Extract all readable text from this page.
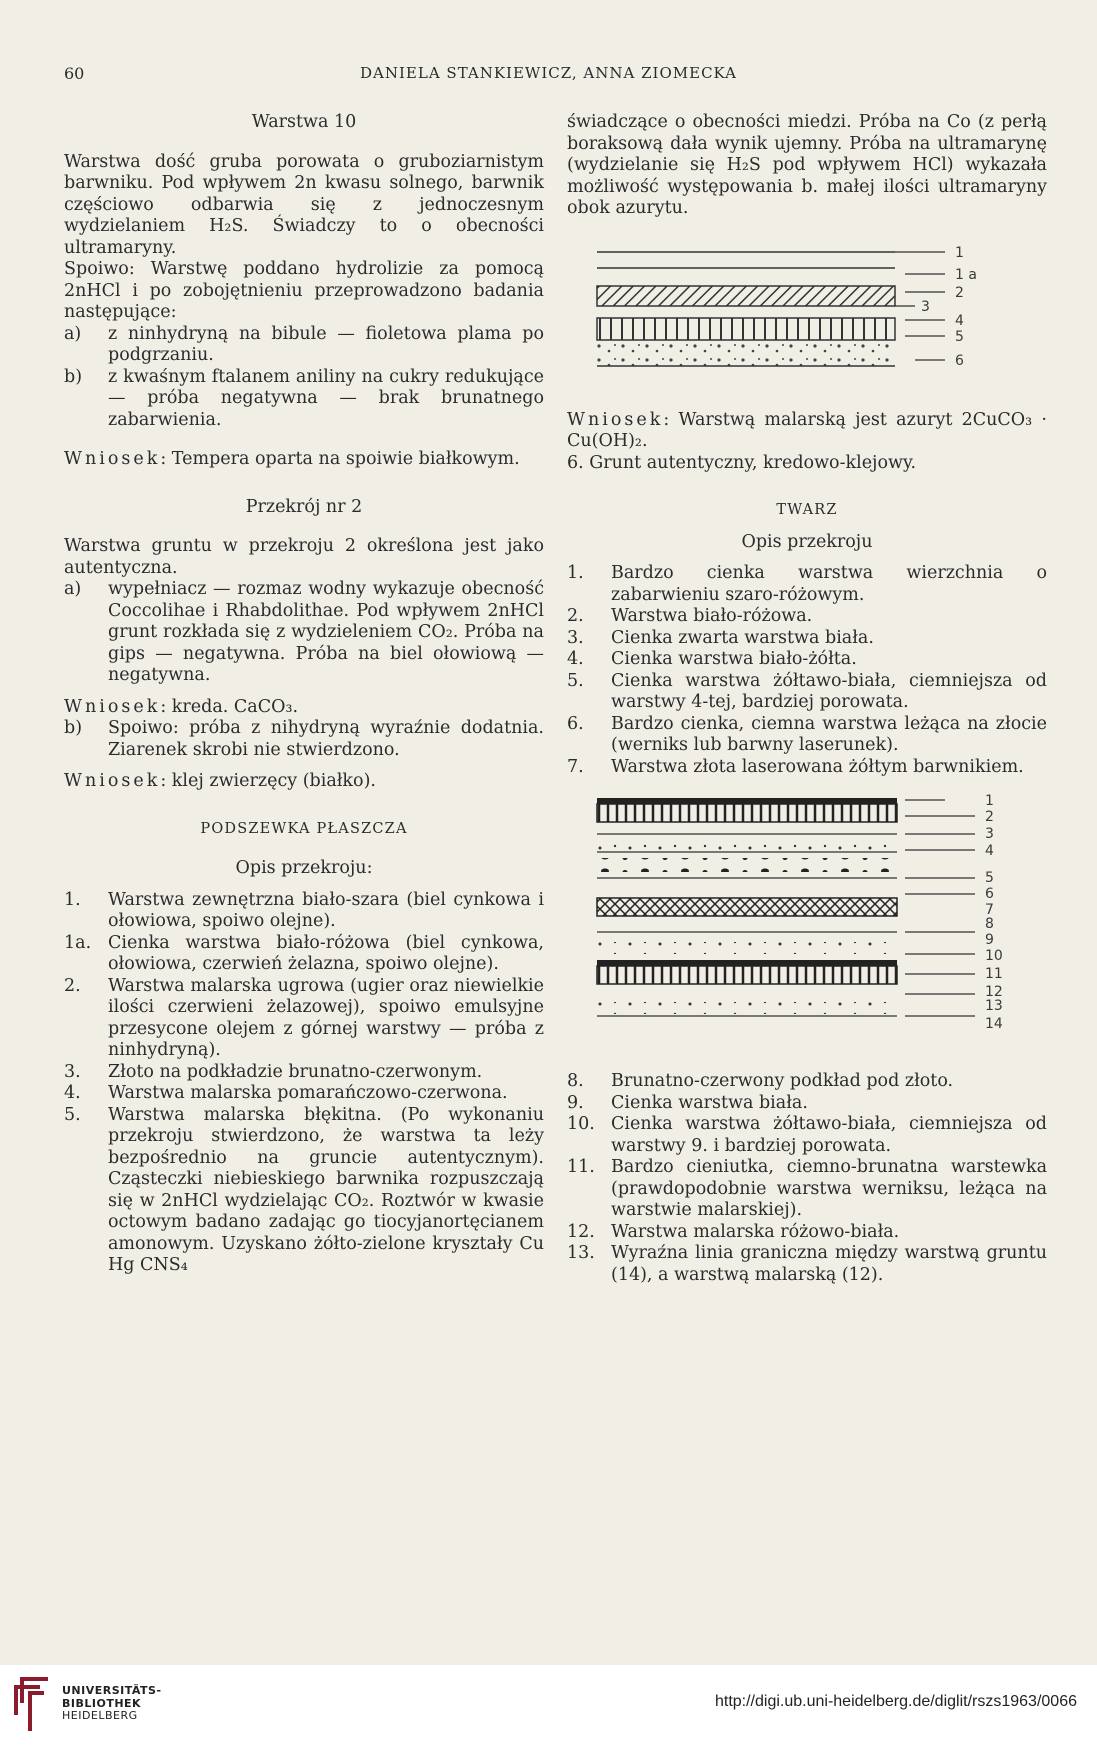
60	DANIELA STANKIEWICZ, ANNA ZIOMECKA

Warstwa 10

Warstwa dość gruba porowata o gruboziarnistym barwniku. Pod wpływem 2n kwasu solnego, barwnik częściowo odbarwia się z jednoczesnym wydzielaniem H₂S. Świadczy to o obecności ultramaryny.

Spoiwo: Warstwę poddano hydrolizie za pomocą 2nHCl i po zobojętnieniu przeprowadzono badania następujące:

a)	z ninhydryną na bibule — fioletowa plama po podgrzaniu.
b)	z kwaśnym ftalanem aniliny na cukry redukujące — próba negatywna — brak brunatnego zabarwienia.

Wniosek: Tempera oparta na spoiwie białkowym.

Przekrój nr 2

Warstwa gruntu w przekroju 2 określona jest jako autentyczna.

a)	wypełniacz — rozmaz wodny wykazuje obecność Coccolihae i Rhabdolithae. Pod wpływem 2nHCl grunt rozkłada się z wydzieleniem CO₂. Próba na gips — negatywna. Próba na biel ołowiową — negatywna.

Wniosek: kreda. CaCO₃.

b)	Spoiwo: próba z nihydryną wyraźnie dodatnia. Ziarenek skrobi nie stwierdzono.

Wniosek: klej zwierzęcy (białko).

PODSZEWKA PŁASZCZA

Opis przekroju:

1.	Warstwa zewnętrzna biało-szara (biel cynkowa i ołowiowa, spoiwo olejne).
1a. Cienka warstwa biało-różowa (biel cynkowa, ołowiowa, czerwień żelazna, spoiwo olejne).
2.	Warstwa malarska ugrowa (ugier oraz niewielkie ilości czerwieni żelazowej), spoiwo emulsyjne przesycone olejem z górnej warstwy — próba z ninhydryną).
3.	Złoto na podkładzie brunatno-czerwonym.
4.	Warstwa malarska pomarańczowo-czerwona.
5.	Warstwa malarska błękitna. (Po wykonaniu przekroju stwierdzono, że warstwa ta leży bezpośrednio na gruncie autentycznym). Cząsteczki niebieskiego barwnika rozpuszczają się w 2nHCl wydzielając CO₂. Roztwór w kwasie octowym badano zadając go tiocyjanortęcianem amonowym. Uzyskano żółto-zielone kryształy Cu Hg CNS₄

świadczące o obecności miedzi. Próba na Co (z perłą boraksową dała wynik ujemny. Próba na ultramarynę (wydzielanie się H₂S pod wpływem HCl) wykazała możliwość występowania b. małej ilości ultramaryny obok azurytu.

1
1 a
3
2
4
5
6

Wniosek: Warstwą malarską jest azuryt 2CuCO₃ · Cu(OH)₂.

6. Grunt autentyczny, kredowo-klejowy.

TWARZ

Opis przekroju

1.	Bardzo cienka warstwa wierzchnia o zabarwieniu szaro-różowym.
2.	Warstwa biało-różowa.
3.	Cienka zwarta warstwa biała.
4.	Cienka warstwa biało-żółta.
5.	Cienka warstwa żółtawo-biała, ciemniejsza od warstwy 4-tej, bardziej porowata.
6.	Bardzo cienka, ciemna warstwa leżąca na złocie (werniks lub barwny laserunek).
7.	Warstwa złota laserowana żółtym barwnikiem.
1
2
3
4
5
6
7
8
9
10
11
12
13
14
8.	Brunatno-czerwony podkład pod złoto.
9.	Cienka warstwa biała.
10. Cienka warstwa żółtawo-biała, ciemniejsza od warstwy 9. i bardziej porowata.
11. Bardzo cieniutka, ciemno-brunatna warstewka (prawdopodobnie warstwa werniksu, leżąca na warstwie malarskiej).
12. Warstwa malarska różowo-biała.
13. Wyraźna linia graniczna między warstwą gruntu (14), a warstwą malarską (12).
UNIVERSITÄTS-
BIBLIOTHEK
HEIDELBERG
http://digi.ub.uni-heidelberg.de/diglit/rszs1963/0066
